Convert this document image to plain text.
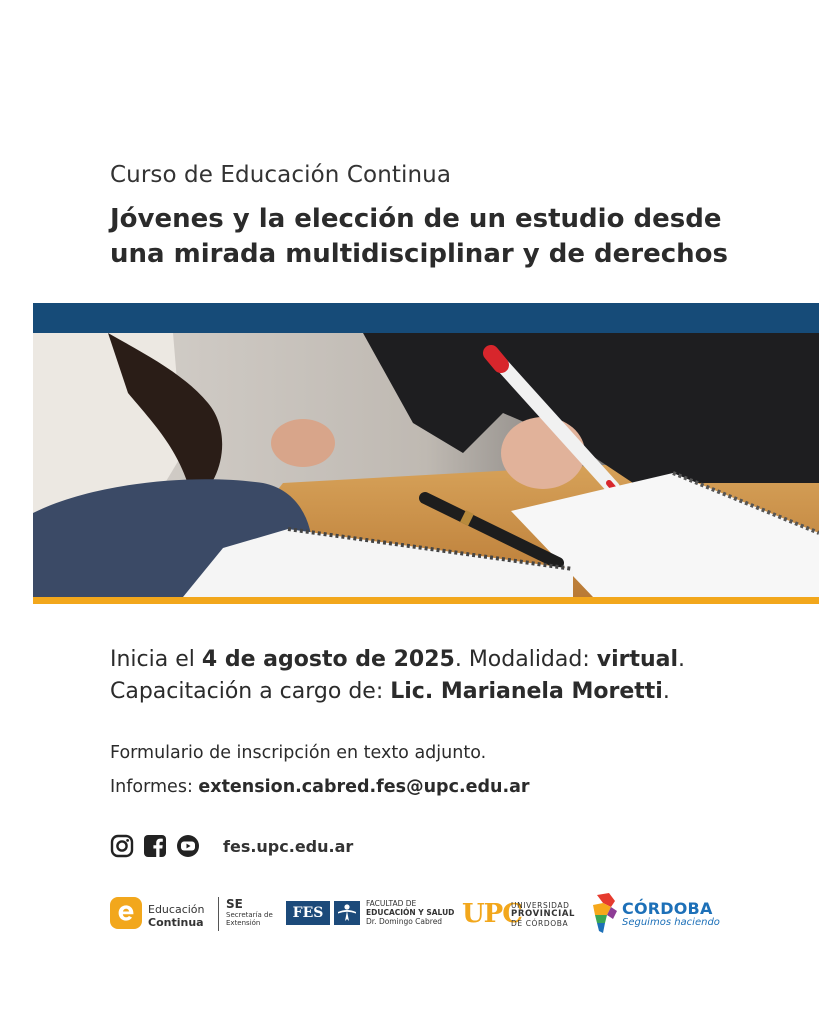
Curso de Educación Continua
Jóvenes y la elección de un estudio desde
una mirada multidisciplinar y de derechos
Inicia el 4 de agosto de 2025. Modalidad: virtual.
Capacitación a cargo de: Lic. Marianela Moretti.
Formulario de inscripción en texto adjunto.
Informes: extension.cabred.fes@upc.edu.ar
fes.upc.edu.ar
Educación
Continua
SE
Secretaría de
Extensión
FES
FACULTAD DE
EDUCACIÓN Y SALUD
Dr. Domingo Cabred UPC
UNIVERSIDAD
PROVINCIAL
DE CÓRDOBA
CÓRDOBA
Seguimos haciendo
